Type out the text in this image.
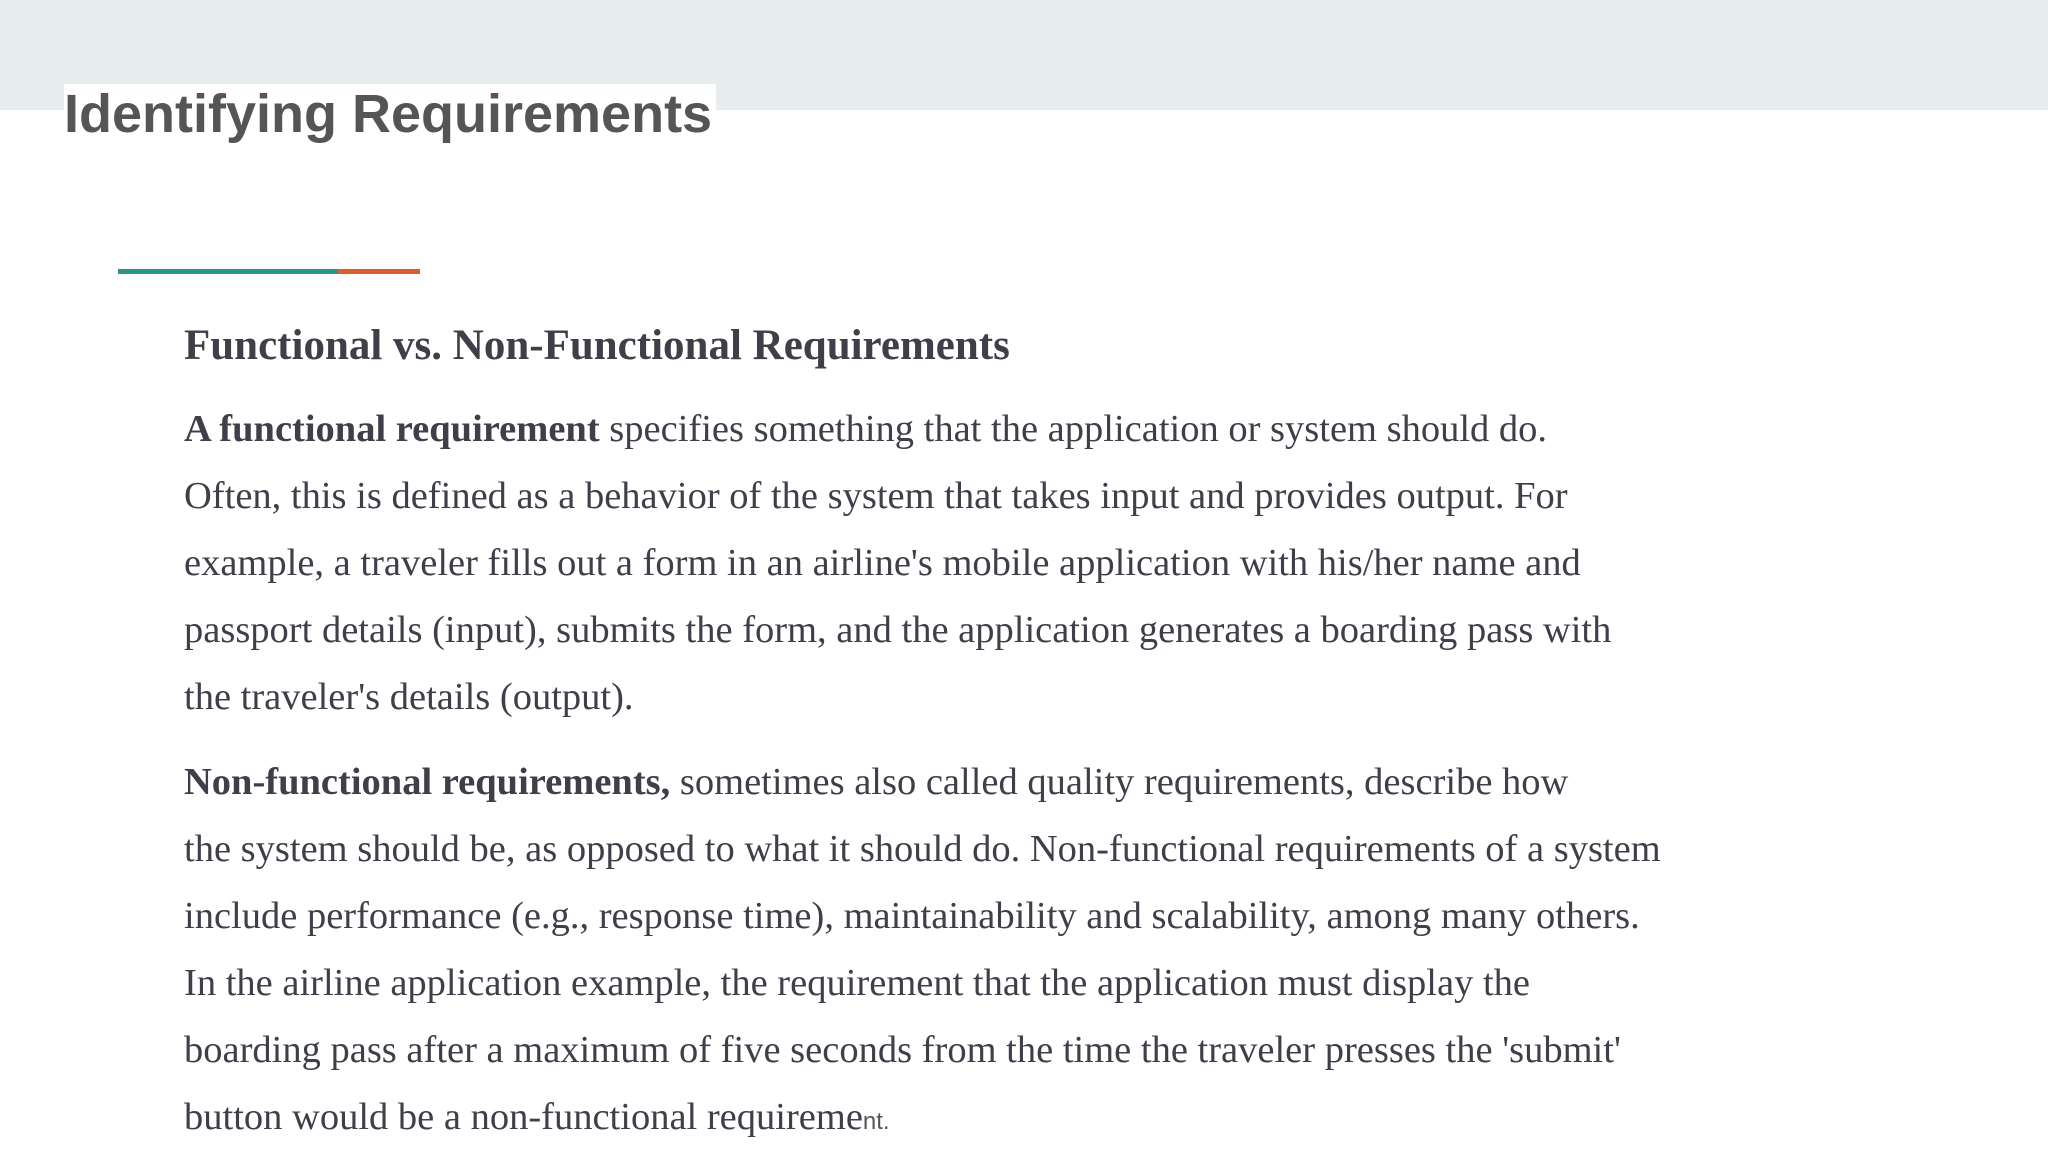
Identifying Requirements
Functional vs. Non-Functional Requirements

A functional requirement specifies something that the application or system should do.
Often, this is defined as a behavior of the system that takes input and provides output. For
example, a traveler fills out a form in an airline's mobile application with his/her name and
passport details (input), submits the form, and the application generates a boarding pass with
the traveler's details (output).

Non-functional requirements, sometimes also called quality requirements, describe how
the system should be, as opposed to what it should do. Non-functional requirements of a system
include performance (e.g., response time), maintainability and scalability, among many others.
In the airline application example, the requirement that the application must display the
boarding pass after a maximum of five seconds from the time the traveler presses the 'submit'
button would be a non-functional requirement.
